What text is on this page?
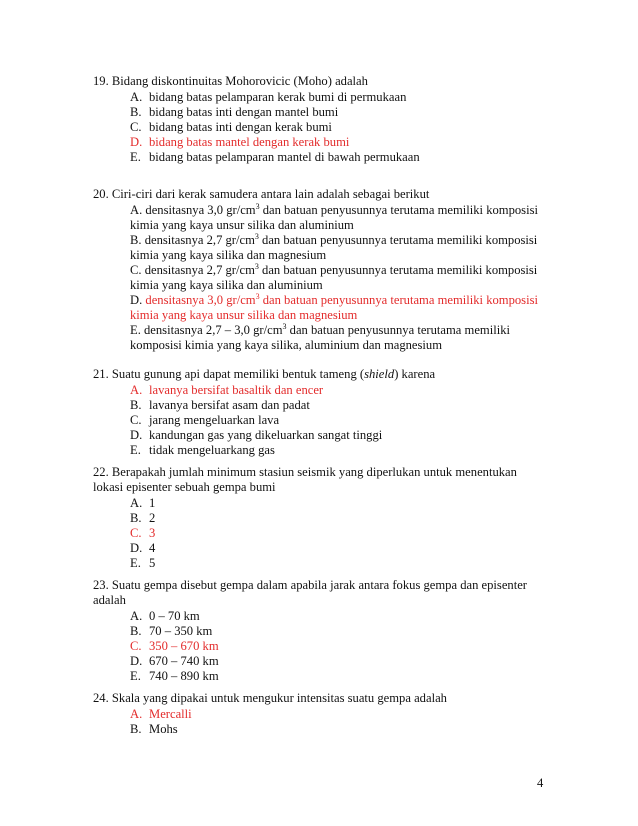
19. Bidang diskontinuitas Mohorovicic (Moho) adalah
A. bidang batas pelamparan kerak bumi di permukaan
B. bidang batas inti dengan mantel bumi
C. bidang batas inti dengan kerak bumi
D. bidang batas mantel dengan kerak bumi
E. bidang batas pelamparan mantel di bawah permukaan
20. Ciri-ciri dari kerak samudera antara lain adalah sebagai berikut
A. densitasnya 3,0 $gr/cm^3$ dan batuan penyusunnya terutama memiliki komposisi
kimia yang kaya unsur silika dan aluminium
B. densitasnya 2,7 $gr/cm^3$ dan batuan penyusunnya terutama memiliki komposisi
kimia yang kaya silika dan magnesium
C. densitasnya 2,7 $gr/cm^3$ dan batuan penyusunnya terutama memiliki komposisi
kimia yang kaya silika dan aluminium
D. densitasnya 3,0 $gr/cm^3$ dan batuan penyusunnya terutama memiliki komposisi
kimia yang kaya unsur silika dan magnesium
E. densitasnya 2,7 – 3,0 $gr/cm^3$ dan batuan penyusunnya terutama memiliki
komposisi kimia yang kaya silika, aluminium dan magnesium
21. Suatu gunung api dapat memiliki bentuk tameng (shield) karena
A. lavanya bersifat basaltik dan encer
B. lavanya bersifat asam dan padat
C. jarang mengeluarkan lava
D. kandungan gas yang dikeluarkan sangat tinggi
E. tidak mengeluarkang gas
22. Berapakah jumlah minimum stasiun seismik yang diperlukan untuk menentukan
lokasi episenter sebuah gempa bumi
A. 1
B. 2
C. 3
D. 4
E. 5
23. Suatu gempa disebut gempa dalam apabila jarak antara fokus gempa dan episenter
adalah
A. 0 – 70 km
B. 70 – 350 km
C. 350 – 670 km
D. 670 – 740 km
E. 740 – 890 km
24. Skala yang dipakai untuk mengukur intensitas suatu gempa adalah
A. Mercalli
B. Mohs
4
